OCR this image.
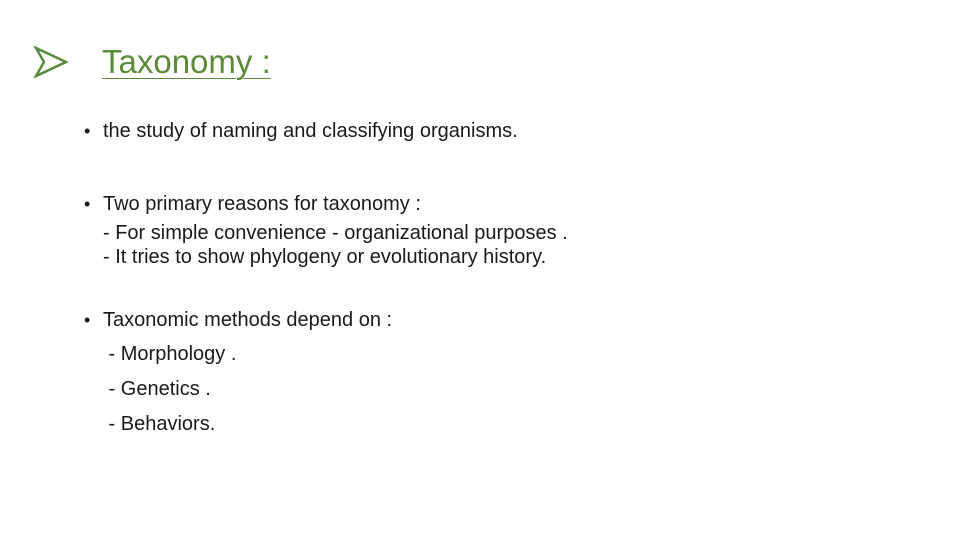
Taxonomy :
• the study of naming and classifying organisms.
• Two primary reasons for taxonomy :
- For simple convenience - organizational purposes .
- It tries to show phylogeny or evolutionary history.
• Taxonomic methods depend on :
- Morphology .
- Genetics .
- Behaviors.
